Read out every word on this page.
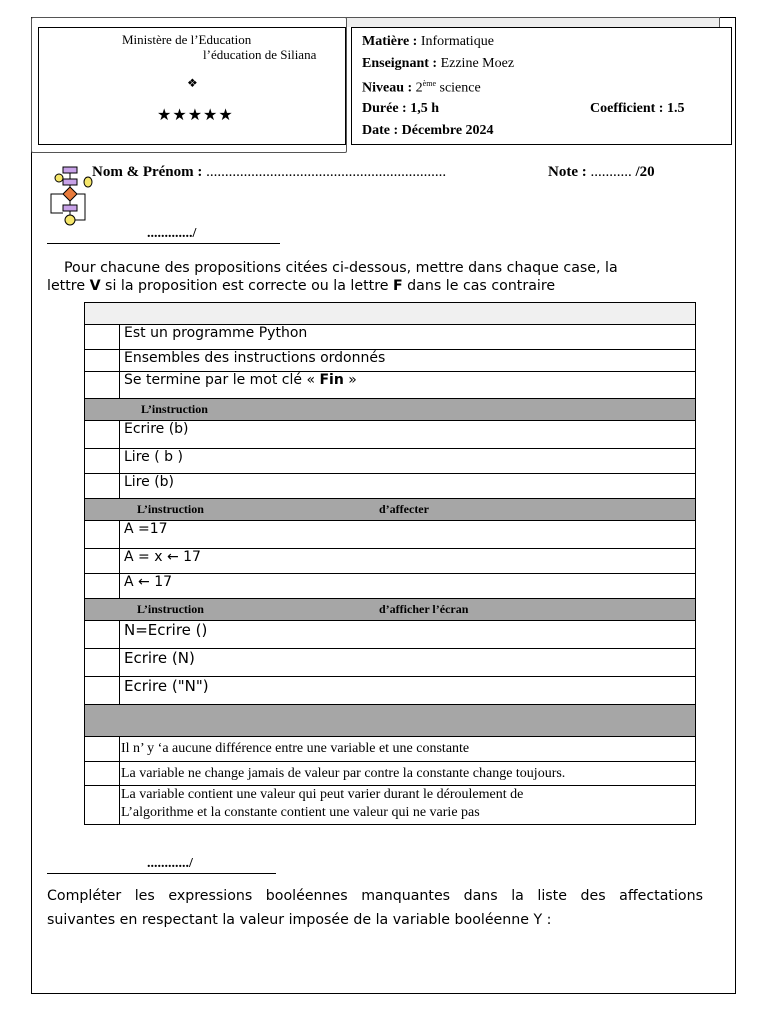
Ministère de l’Education
l’éducation de Siliana
❖
★★★★★
Matière : Informatique
Enseignant : Ezzine Moez
Niveau : 2ème science
Durée : 1,5 h	Coefficient : 1.5
Date : Décembre 2024
Nom & Prénom : ................................................................	Note : ........... /20
............./
Pour chacune des propositions citées ci-dessous, mettre dans chaque case, la
lettre V si la proposition est correcte ou la lettre F dans le cas contraire

	Est un programme Python
	Ensembles des instructions ordonnés
	Se termine par le mot clé « Fin »
L’instruction	
	Ecrire (b)
	Lire ( b )
	Lire (b)
L’instruction d’affecter	
	A =17
	A = x ← 17
	A ← 17
L’instruction d’afficher l’écran	
	N=Ecrire ()
	Ecrire (N)
	Ecrire ("N")

	Il n’ y ‘a aucune différence entre une variable et une constante
	La variable ne change jamais de valeur par contre la constante change toujours.

	La variable contient une valeur qui peut varier durant le déroulement de
L’algorithme et la constante contient une valeur qui ne varie pas
............/
Compléter les expressions booléennes manquantes dans la liste des affectations
suivantes en respectant la valeur imposée de la variable booléenne Y :
